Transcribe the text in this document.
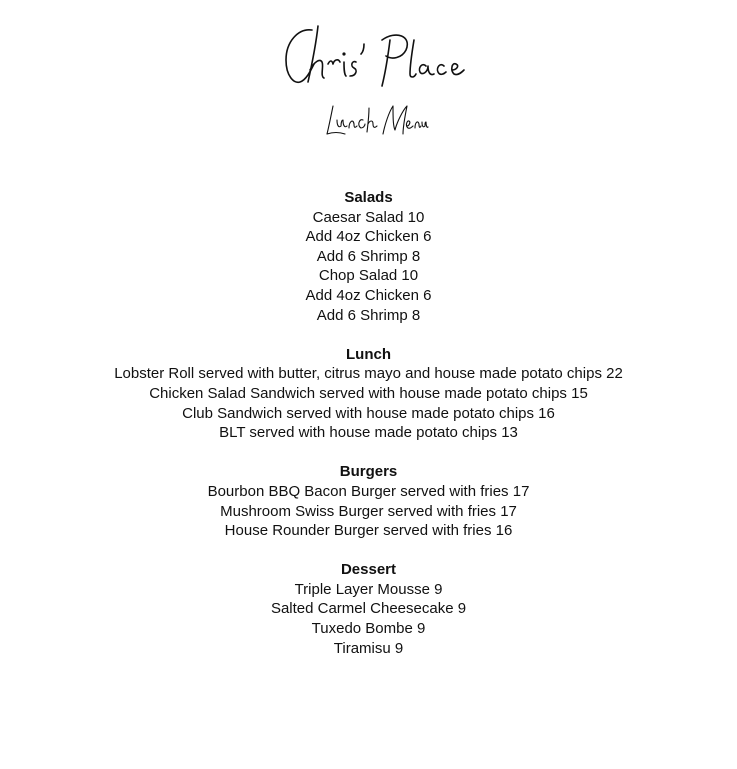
Salads
Caesar Salad 10
Add 4oz Chicken 6
Add 6 Shrimp 8
Chop Salad 10
Add 4oz Chicken 6
Add 6 Shrimp 8
Lunch
Lobster Roll served with butter, citrus mayo and house made potato chips 22
Chicken Salad Sandwich served with house made potato chips 15
Club Sandwich served with house made potato chips 16
BLT served with house made potato chips 13
Burgers
Bourbon BBQ Bacon Burger served with fries 17
Mushroom Swiss Burger served with fries 17
House Rounder Burger served with fries 16
Dessert
Triple Layer Mousse 9
Salted Carmel Cheesecake 9
Tuxedo Bombe 9
Tiramisu 9
